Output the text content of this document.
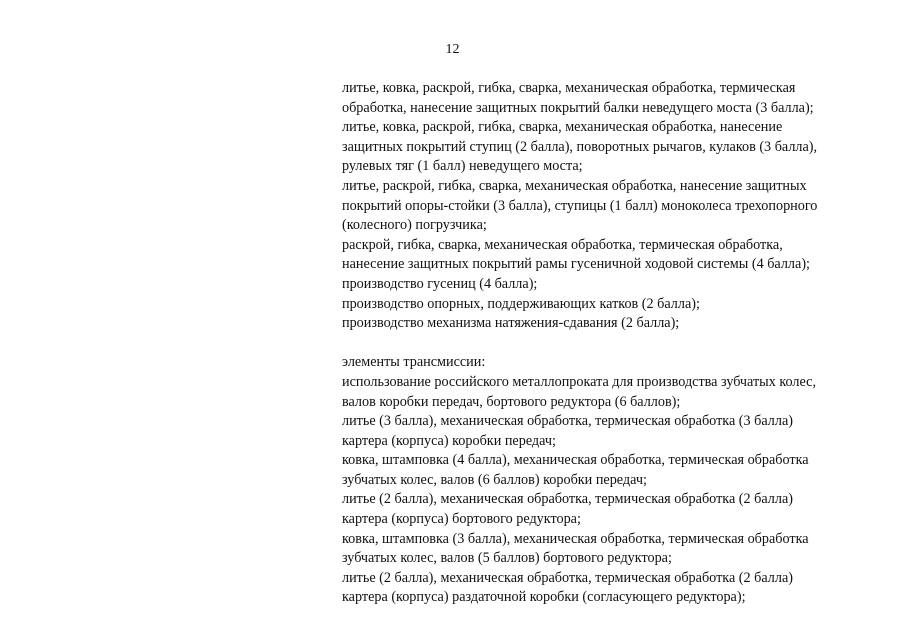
12
литье, ковка, раскрой, гибка, сварка, механическая обработка, термическая
обработка, нанесение защитных покрытий балки неведущего моста (3 балла);
литье, ковка, раскрой, гибка, сварка, механическая обработка, нанесение
защитных покрытий ступиц (2 балла), поворотных рычагов, кулаков (3 балла),
рулевых тяг (1 балл) неведущего моста;
литье, раскрой, гибка, сварка, механическая обработка, нанесение защитных
покрытий опоры-стойки (3 балла), ступицы (1 балл) моноколеса трехопорного
(колесного) погрузчика;
раскрой, гибка, сварка, механическая обработка, термическая обработка,
нанесение защитных покрытий рамы гусеничной ходовой системы (4 балла);
производство гусениц (4 балла);
производство опорных, поддерживающих катков (2 балла);
производство механизма натяжения-сдавания (2 балла);
элементы трансмиссии:
использование российского металлопроката для производства зубчатых колес,
валов коробки передач, бортового редуктора (6 баллов);
литье (3 балла), механическая обработка, термическая обработка (3 балла)
картера (корпуса) коробки передач;
ковка, штамповка (4 балла), механическая обработка, термическая обработка
зубчатых колес, валов (6 баллов) коробки передач;
литье (2 балла), механическая обработка, термическая обработка (2 балла)
картера (корпуса) бортового редуктора;
ковка, штамповка (3 балла), механическая обработка, термическая обработка
зубчатых колес, валов (5 баллов) бортового редуктора;
литье (2 балла), механическая обработка, термическая обработка (2 балла)
картера (корпуса) раздаточной коробки (согласующего редуктора);
